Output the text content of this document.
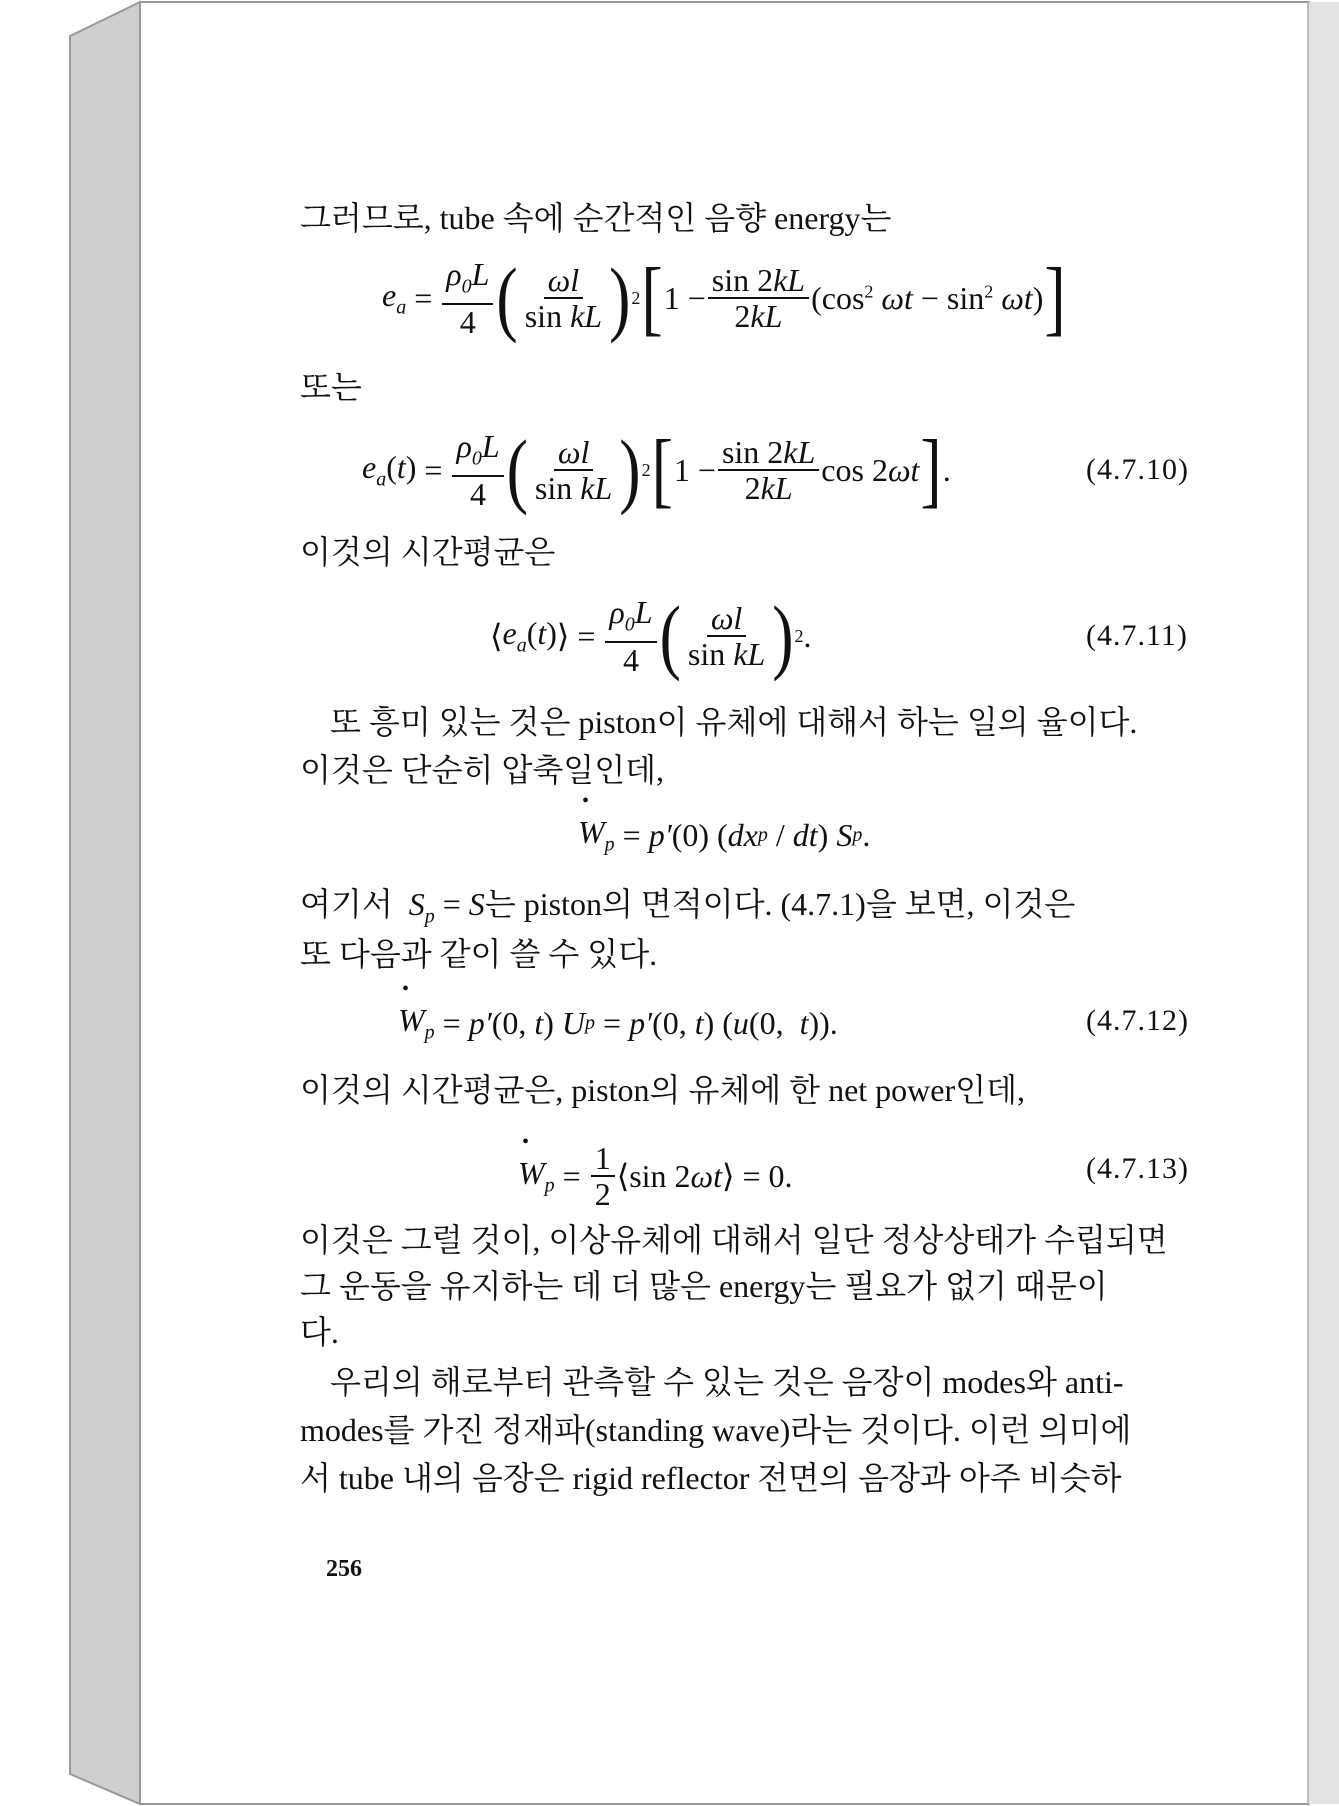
그러므로, tube 속에 순간적인 음향 energy는
$e_a = \frac{\rho_0L}{4}$ ( $\frac{\omega l}{\text{sin kL}}$ ) 2 [ $1 - \frac{\sin 2kL}{2kL} (\cos^2$ $\omega t - \sin^2 \omega t$ ) ]
또는
$e_a(t) = \frac{\rho_0L}{4}$ ( $\frac{\omega l}{\text{sin kL}}$ ) 2 [ $1 - \frac{\sin 2kL}{2kL}$ cos 2 ωt ] .	(4.7.10)
이것의 시간평균은
⟨ $e_a(t)$ ⟩ = $\frac{\rho_0L}{4}$ ( $\frac{\omega l}{\text{sin kL}}$ ) 2 .	(4.7.11)
또 흥미 있는 것은 piston이 유체에 대해서 하는 일의 율이다.
이것은 단순히 압축일인데,
• $W_p = p'$ (0) ( dx p / dt ) S p .
여기서 $S_p = S$는 piston의 면적이다. (4.7.1)을 보면, 이것은
또 다음과 같이 쓸 수 있다.
• $W_p = p'$ (0, t ) U p = p′ (0, t ) ( u (0, t )).	(4.7.12)
이것의 시간평균은, piston의 유체에 한 net power인데,
• $W_p = \frac{1}{2}$ ⟨sin 2 ωt ⟩ = 0.	(4.7.13)
이것은 그럴 것이, 이상유체에 대해서 일단 정상상태가 수립되면
그 운동을 유지하는 데 더 많은 energy는 필요가 없기 때문이
다.
우리의 해로부터 관측할 수 있는 것은 음장이 modes와 anti-
modes를 가진 정재파(standing wave)라는 것이다. 이런 의미에
서 tube 내의 음장은 rigid reflector 전면의 음장과 아주 비슷하
256
